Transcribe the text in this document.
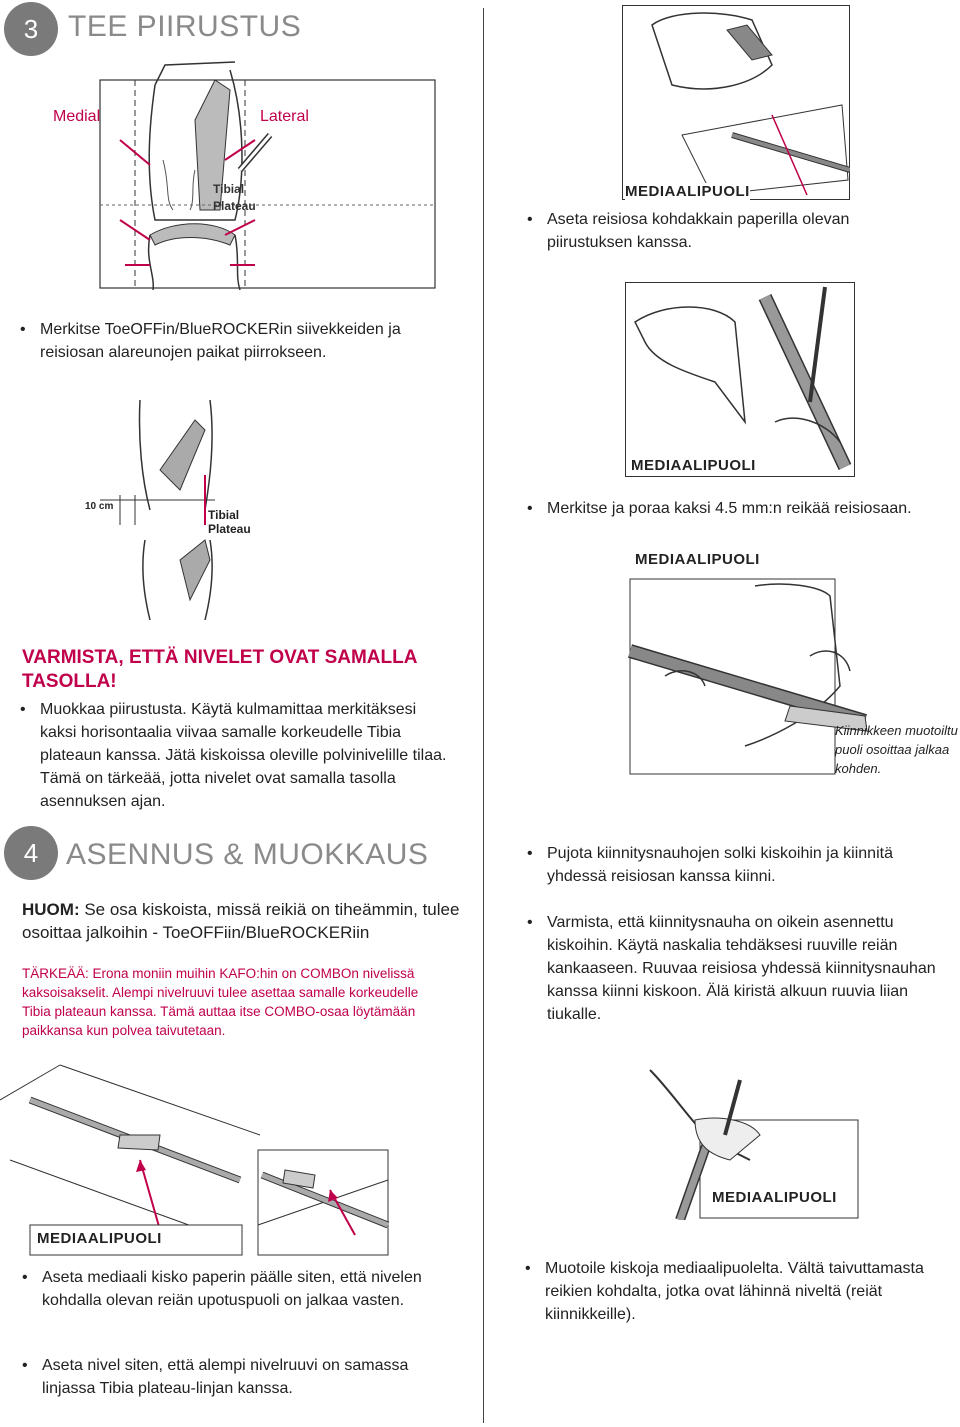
3 TEE PIIRUSTUS
Medial	Lateral
Tibial
Plateau
• Merkitse ToeOFFin/BlueROCKERin siivekkeiden ja reisiosan alareunojen paikat piirrokseen.
10 cm
Tibial
Plateau
VARMISTA, ETTÄ NIVELET OVAT SAMALLA TASOLLA!
• Muokkaa piirustusta. Käytä kulmamittaa merkitäksesi kaksi horisontaalia viivaa samalle korkeudelle Tibia plateaun kanssa. Jätä kiskoissa oleville polvinivelille tilaa. Tämä on tärkeää, jotta nivelet ovat samalla tasolla asennuksen ajan.
MEDIAALIPUOLI
• Aseta reisiosa kohdakkain paperilla olevan piirustuksen kanssa.
MEDIAALIPUOLI
• Merkitse ja poraa kaksi 4.5 mm:n reikää reisiosaan.
MEDIAALIPUOLI
Kiinnikkeen muotoiltu puoli osoittaa jalkaa kohden.
• Pujota kiinnitysnauhojen solki kiskoihin ja kiinnitä yhdessä reisiosan kanssa kiinni.
• Varmista, että kiinnitysnauha on oikein asennettu kiskoihin. Käytä naskalia tehdäksesi ruuville reiän kankaaseen. Ruuvaa reisiosa yhdessä kiinnitysnauhan kanssa kiinni kiskoon. Älä kiristä alkuun ruuvia liian tiukalle.
4 ASENNUS & MUOKKAUS
HUOM: Se osa kiskoista, missä reikiä on tiheämmin, tulee osoittaa jalkoihin - ToeOFFiin/BlueROCKERiin
TÄRKEÄÄ: Erona moniin muihin KAFO:hin on COMBOn nivelissä kaksoisakselit. Alempi nivelruuvi tulee asettaa samalle korkeudelle Tibia plateaun kanssa. Tämä auttaa itse COMBO-osaa löytämään paikkansa kun polvea taivutetaan.
MEDIAALIPUOLI
• Aseta mediaali kisko paperin päälle siten, että nivelen kohdalla olevan reiän upotuspuoli on jalkaa vasten.
• Aseta nivel siten, että alempi nivelruuvi on samassa linjassa Tibia plateau-linjan kanssa.
MEDIAALIPUOLI
• Muotoile kiskoja mediaalipuolelta. Vältä taivuttamasta reikien kohdalta, jotka ovat lähinnä niveltä (reiät kiinnikkeille).
